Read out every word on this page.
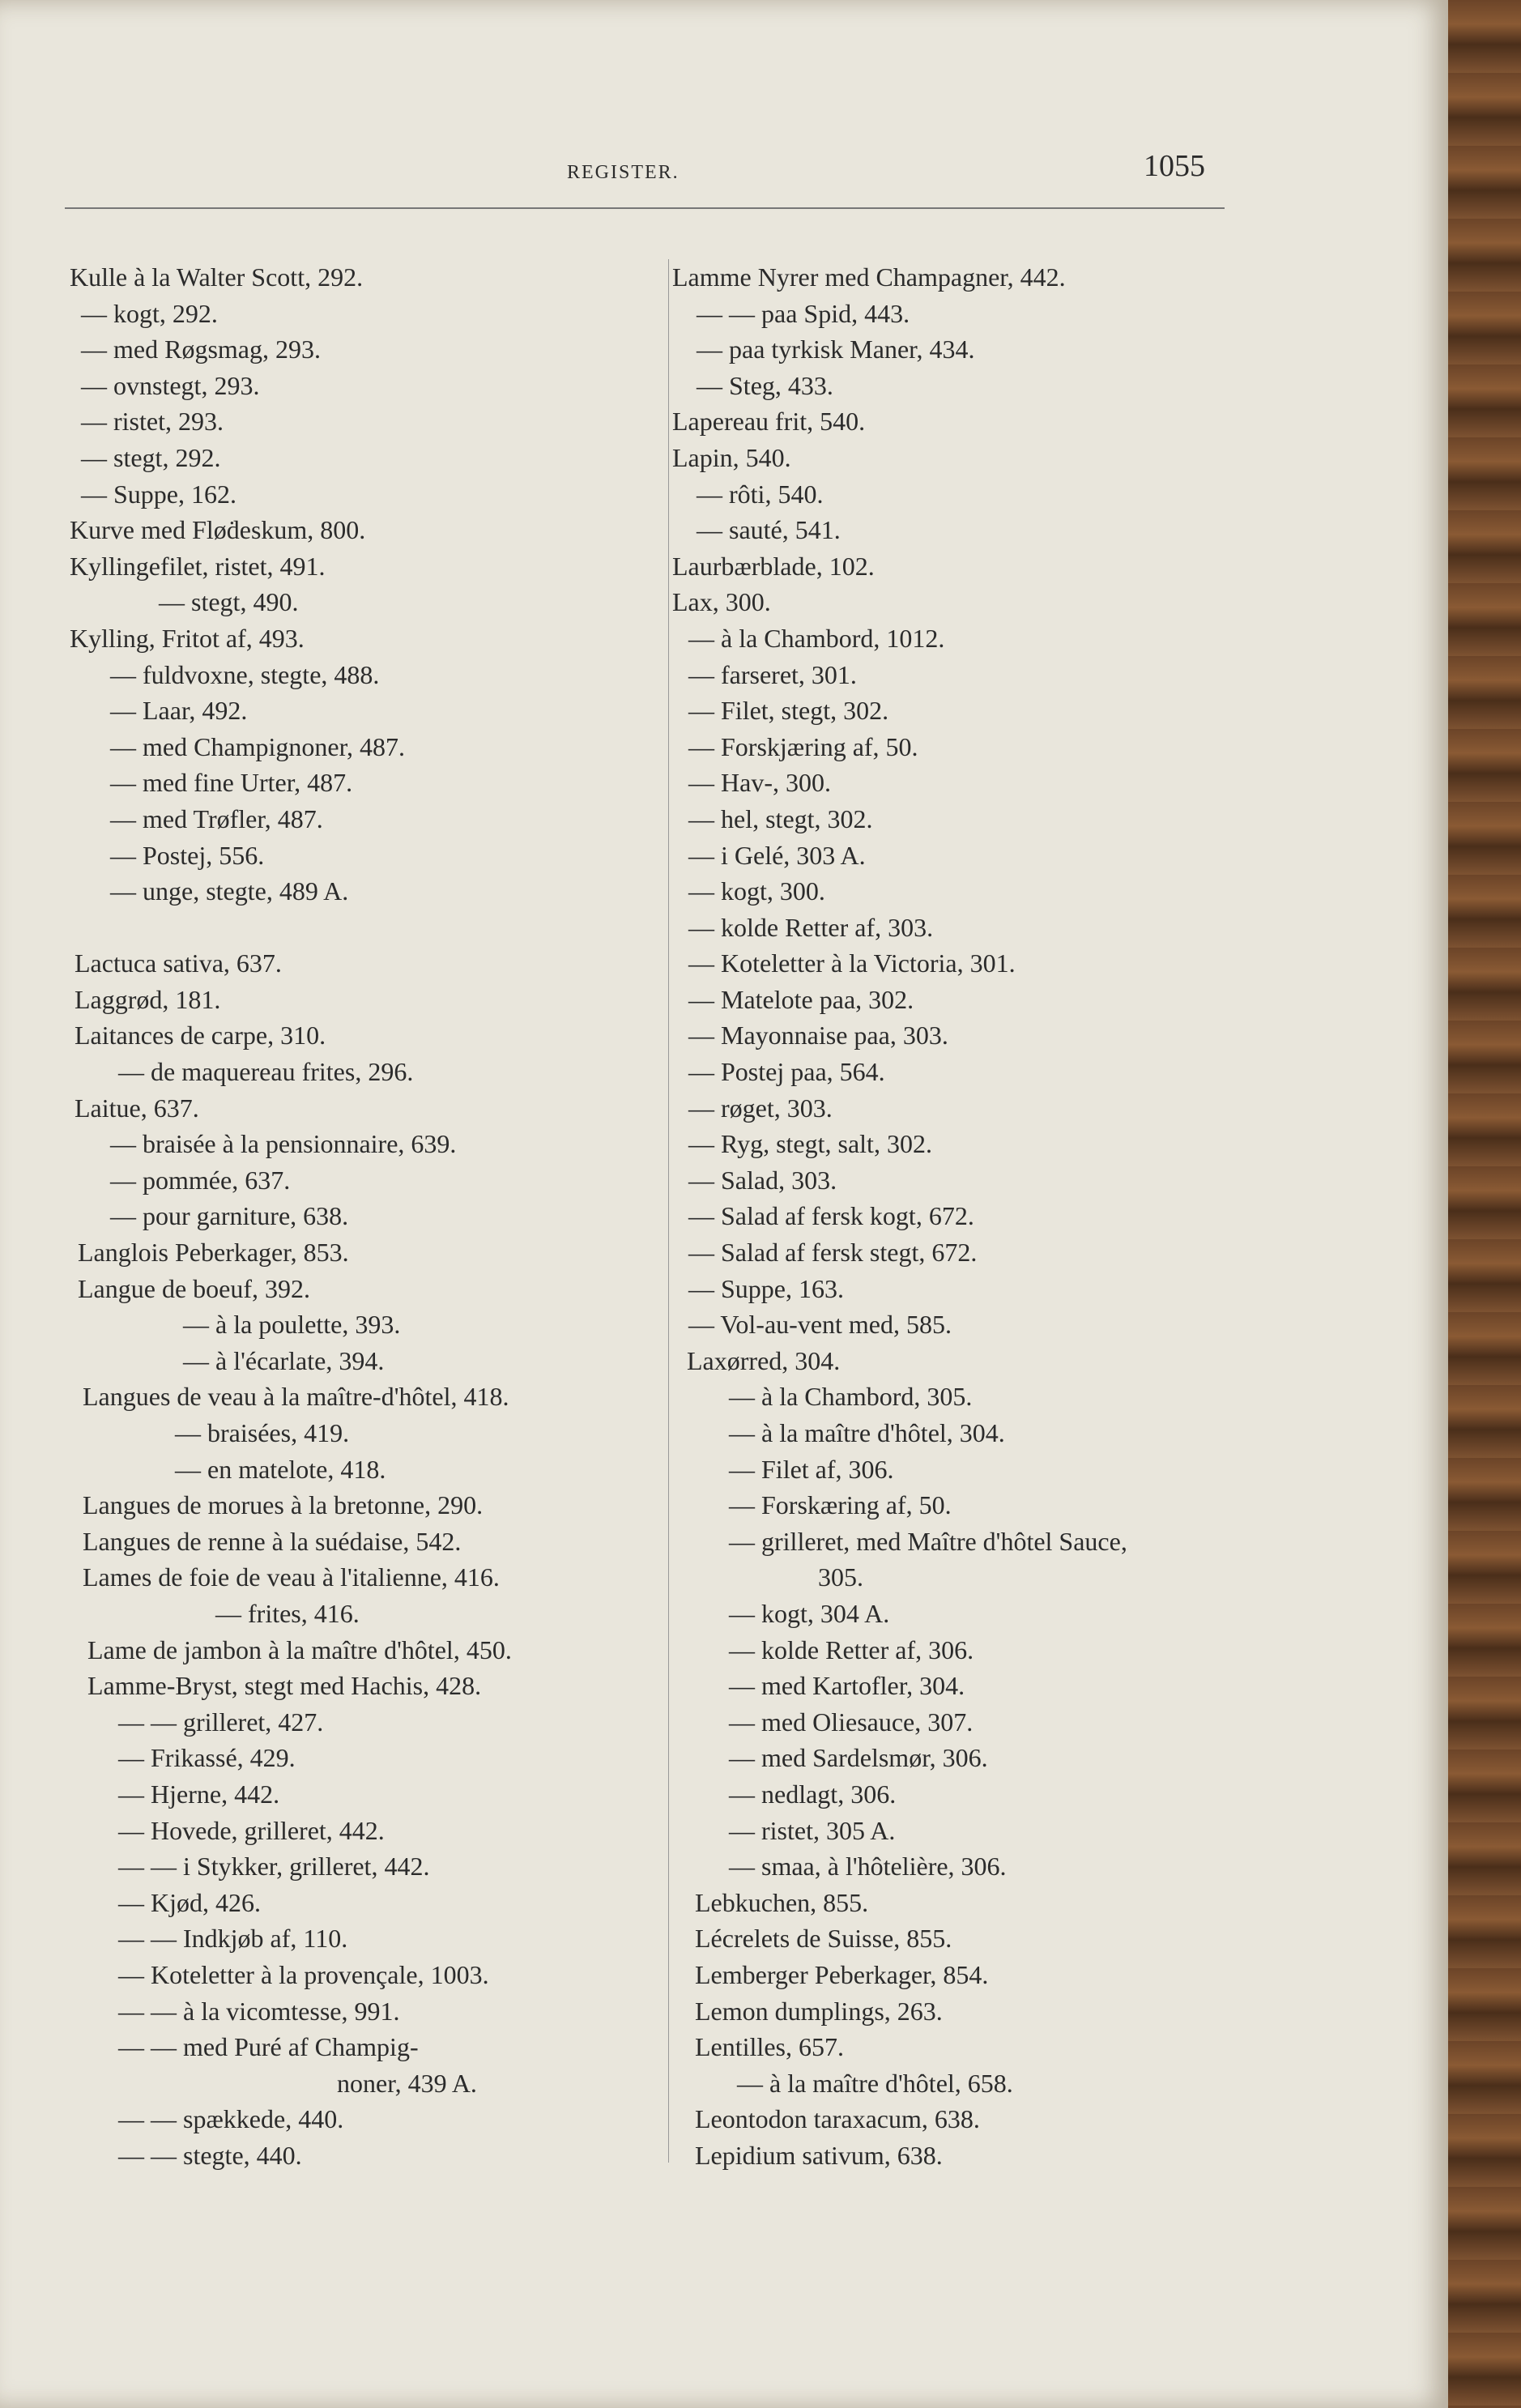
REGISTER.	1055
Kulle à la Walter Scott, 292.
— kogt, 292.
— med Røgsmag, 293.
— ovnstegt, 293.
— ristet, 293.
— stegt, 292.
— Suppe, 162.
Kurve med Fløḋeskum, 800.
Kyllingefilet, ristet, 491.
— stegt, 490.
Kylling, Fritot af, 493.
— fuldvoxne, stegte, 488.
— Laar, 492.
— med Champignoner, 487.
— med fine Urter, 487.
— med Trøfler, 487.
— Postej, 556.
— unge, stegte, 489 A.
Lactuca sativa, 637.
Laggrød, 181.
Laitances de carpe, 310.
— de maquereau frites, 296.
Laitue, 637.
— braisée à la pensionnaire, 639.
— pommée, 637.
— pour garniture, 638.
Langlois Peberkager, 853.
Langue de boeuf, 392.
— à la poulette, 393.
— à l'écarlate, 394.
Langues de veau à la maître-d'hôtel, 418.
— braisées, 419.
— en matelote, 418.
Langues de morues à la bretonne, 290.
Langues de renne à la suédaise, 542.
Lames de foie de veau à l'italienne, 416.
— frites, 416.
Lame de jambon à la maître d'hôtel, 450.
Lamme-Bryst, stegt med Hachis, 428.
— — grilleret, 427.
— Frikassé, 429.
— Hjerne, 442.
— Hovede, grilleret, 442.
— — i Stykker, grilleret, 442.
— Kjød, 426.
— — Indkjøb af, 110.
— Koteletter à la provençale, 1003.
— — à la vicomtesse, 991.
— — med Puré af Champig-
noner, 439 A.
— — spækkede, 440.
— — stegte, 440.
Lamme Nyrer med Champagner, 442.
— — paa Spid, 443.
— paa tyrkisk Maner, 434.
— Steg, 433.
Lapereau frit, 540.
Lapin, 540.
— rôti, 540.
— sauté, 541.
Laurbærblade, 102.
Lax, 300.
— à la Chambord, 1012.
— farseret, 301.
— Filet, stegt, 302.
— Forskjæring af, 50.
— Hav-, 300.
— hel, stegt, 302.
— i Gelé, 303 A.
— kogt, 300.
— kolde Retter af, 303.
— Koteletter à la Victoria, 301.
— Matelote paa, 302.
— Mayonnaise paa, 303.
— Postej paa, 564.
— røget, 303.
— Ryg, stegt, salt, 302.
— Salad, 303.
— Salad af fersk kogt, 672.
— Salad af fersk stegt, 672.
— Suppe, 163.
— Vol-au-vent med, 585.
Laxørred, 304.
— à la Chambord, 305.
— à la maître d'hôtel, 304.
— Filet af, 306.
— Forskæring af, 50.
— grilleret, med Maître d'hôtel Sauce,
305.
— kogt, 304 A.
— kolde Retter af, 306.
— med Kartofler, 304.
— med Oliesauce, 307.
— med Sardelsmør, 306.
— nedlagt, 306.
— ristet, 305 A.
— smaa, à l'hôtelière, 306.
Lebkuchen, 855.
Lécrelets de Suisse, 855.
Lemberger Peberkager, 854.
Lemon dumplings, 263.
Lentilles, 657.
— à la maître d'hôtel, 658.
Leontodon taraxacum, 638.
Lepidium sativum, 638.
